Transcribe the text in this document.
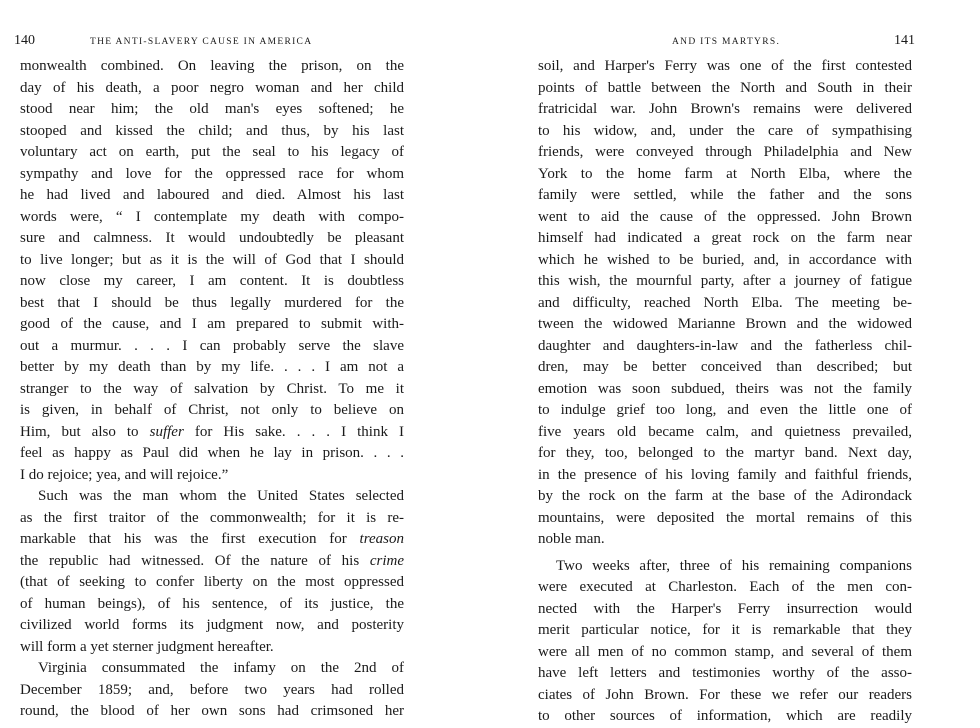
140	THE ANTI-SLAVERY CAUSE IN AMERICA
monwealth combined. On leaving the prison, on the
day of his death, a poor negro woman and her child
stood near him; the old man's eyes softened; he
stooped and kissed the child; and thus, by his last
voluntary act on earth, put the seal to his legacy of
sympathy and love for the oppressed race for whom
he had lived and laboured and died. Almost his last
words were, “ I contemplate my death with compo-
sure and calmness. It would undoubtedly be pleasant
to live longer; but as it is the will of God that I should
now close my career, I am content. It is doubtless
best that I should be thus legally murdered for the
good of the cause, and I am prepared to submit with-
out a murmur. . . . I can probably serve the slave
better by my death than by my life. . . . I am not a
stranger to the way of salvation by Christ. To me it
is given, in behalf of Christ, not only to believe on
Him, but also to suffer for His sake. . . . I think I
feel as happy as Paul did when he lay in prison. . . .
I do rejoice; yea, and will rejoice.”
Such was the man whom the United States selected
as the first traitor of the commonwealth; for it is re-
markable that his was the first execution for treason
the republic had witnessed. Of the nature of his crime
(that of seeking to confer liberty on the most oppressed
of human beings), of his sentence, of its justice, the
civilized world forms its judgment now, and posterity
will form a yet sterner judgment hereafter.
Virginia consummated the infamy on the 2nd of
December 1859; and, before two years had rolled
round, the blood of her own sons had crimsoned her
AND ITS MARTYRS.	141
soil, and Harper's Ferry was one of the first contested
points of battle between the North and South in their
fratricidal war. John Brown's remains were delivered
to his widow, and, under the care of sympathising
friends, were conveyed through Philadelphia and New
York to the home farm at North Elba, where the
family were settled, while the father and the sons
went to aid the cause of the oppressed. John Brown
himself had indicated a great rock on the farm near
which he wished to be buried, and, in accordance with
this wish, the mournful party, after a journey of fatigue
and difficulty, reached North Elba. The meeting be-
tween the widowed Marianne Brown and the widowed
daughter and daughters-in-law and the fatherless chil-
dren, may be better conceived than described; but
emotion was soon subdued, theirs was not the family
to indulge grief too long, and even the little one of
five years old became calm, and quietness prevailed,
for they, too, belonged to the martyr band. Next day,
in the presence of his loving family and faithful friends,
by the rock on the farm at the base of the Adirondack
mountains, were deposited the mortal remains of this
noble man.
Two weeks after, three of his remaining companions
were executed at Charleston. Each of the men con-
nected with the Harper's Ferry insurrection would
merit particular notice, for it is remarkable that they
were all men of no common stamp, and several of them
have left letters and testimonies worthy of the asso-
ciates of John Brown. For these we refer our readers
to other sources of information, which are readily
